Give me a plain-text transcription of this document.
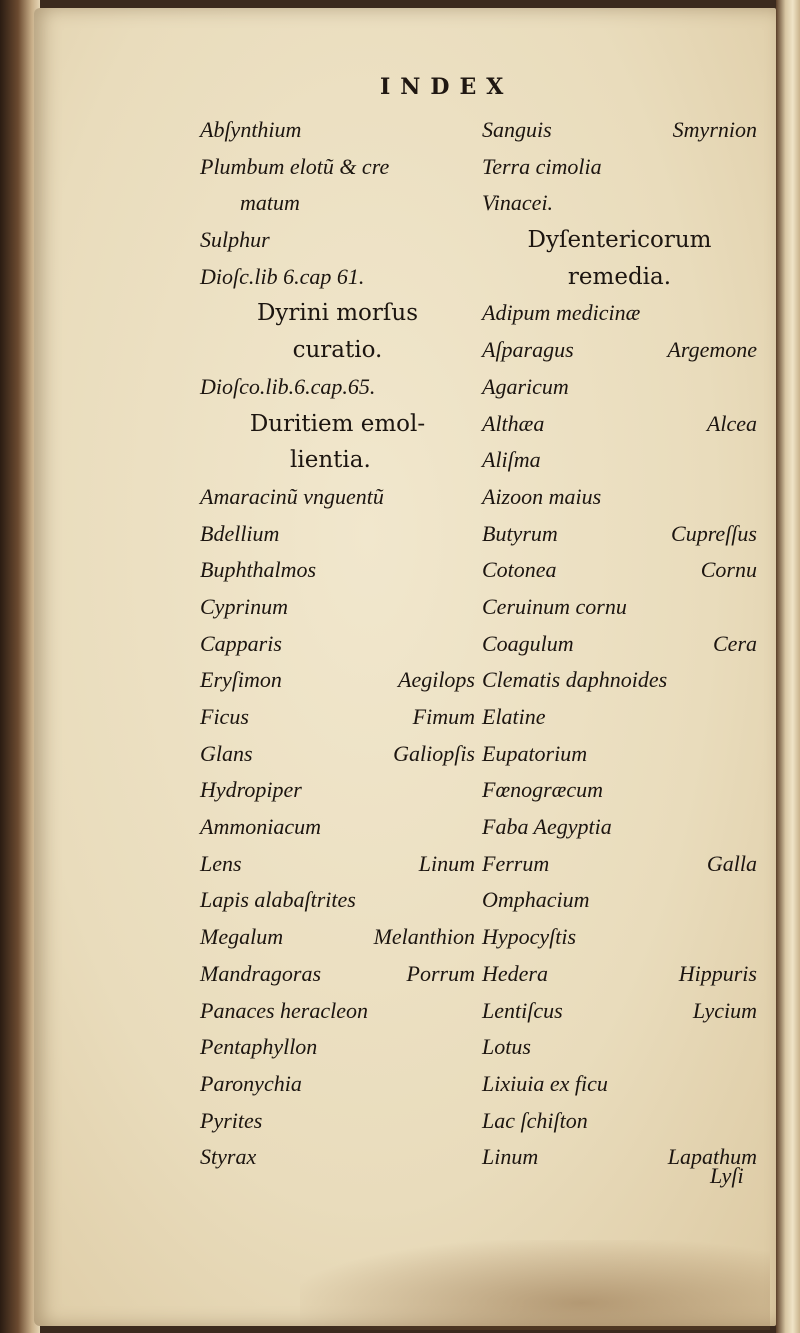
INDEX
Abſynthium
Plumbum elotũ & cre
matum
Sulphur
Dioſc.lib 6.cap 61.
Dyrini morſus
curatio.
Dioſco.lib.6.cap.65.
Duritiem emol-
lientia.
Amaracinũ vnguentũ
Bdellium
Buphthalmos
Cyprinum
Capparis
Eryſimon	Aegilops
Ficus	Fimum
Glans	Galiopſis
Hydropiper
Ammoniacum
Lens	Linum
Lapis alabaſtrites
Megalum	Melanthion
Mandragoras	Porrum
Panaces heracleon
Pentaphyllon
Paronychia
Pyrites
Styrax
Sanguis	Smyrnion
Terra cimolia
Vinacei.
Dyſentericorum
remedia.
Adipum medicinæ
Aſparagus	Argemone
Agaricum
Althæa	Alcea
Aliſma
Aizoon maius
Butyrum	Cupreſſus
Cotonea	Cornu
Ceruinum cornu
Coagulum	Cera
Clematis daphnoides
Elatine
Eupatorium
Fœnogræcum
Faba Aegyptia
Ferrum	Galla
Omphacium
Hypocyſtis
Hedera	Hippuris
Lentiſcus	Lycium
Lotus
Lixiuia ex ficu
Lac ſchiſton
Linum	Lapathum
Lyſi
